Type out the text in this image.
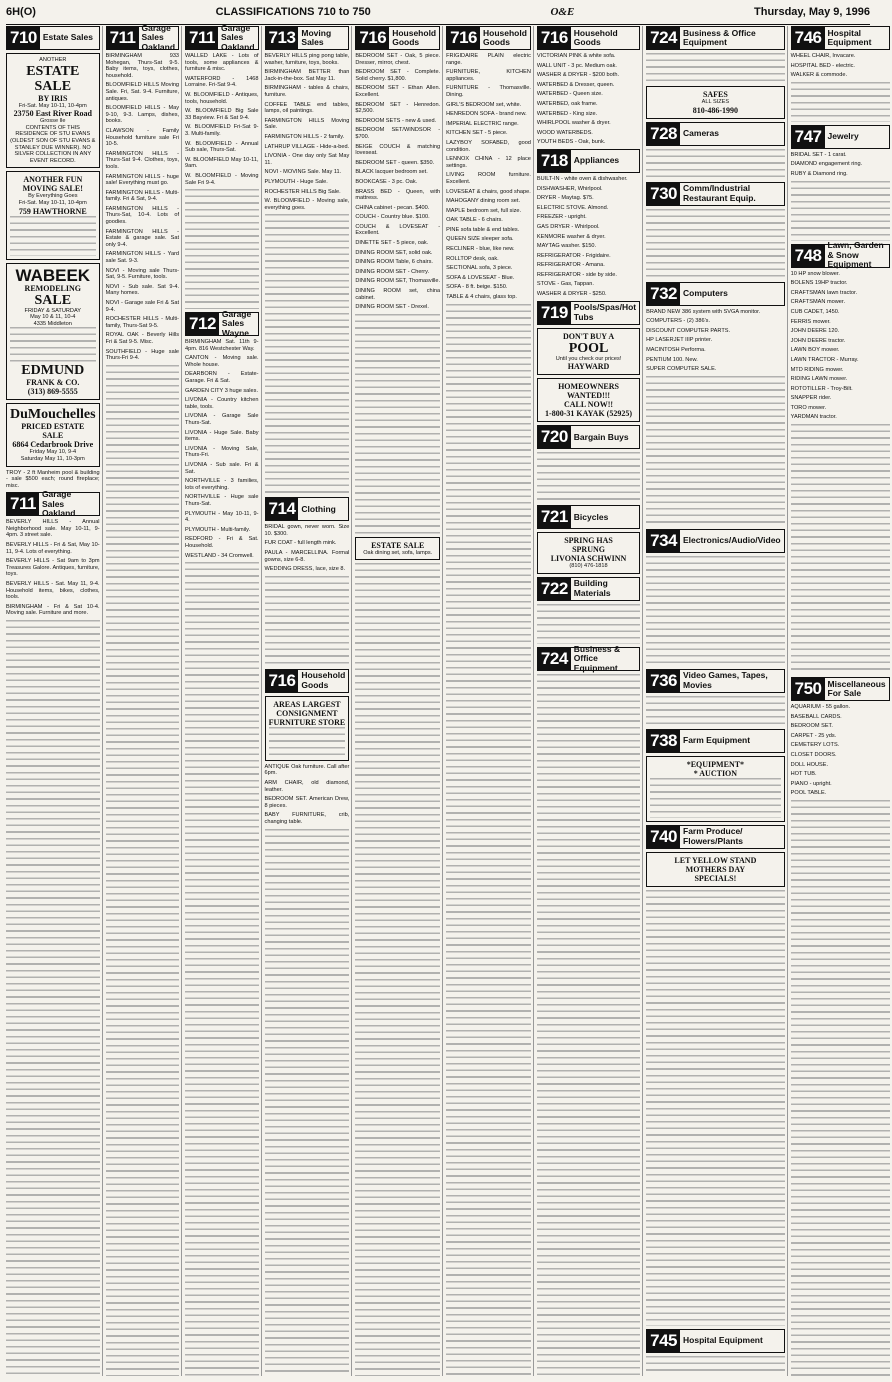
6H(O)	CLASSIFICATIONS 710 to 750	O&E	Thursday, May 9, 1996
710 Estate Sales
ANOTHER
ESTATE SALE
BY IRIS
Fri-Sat. May 10-11, 10-4pm
23750 East River Road
Grosse Ile
CONTENTS OF THIS RESIDENCE OF STU EVANS (OLDEST SON OF STU EVANS & STANLEY DUE WINNER). NO SILVER COLLECTION IN ANY EVENT RECORD.
ANOTHER FUN
MOVING SALE!
By Everything Goes
Fri-Sat. May 10-11, 10-4pm
759 HAWTHORNE
WABEEK
REMODELING
SALE
FRIDAY & SATURDAY
May 10 & 11, 10-4
4335 Middleton
EDMUND
FRANK & CO.
(313) 869-5555
DuMouchelles
PRICED ESTATE
SALE
6864 Cedarbrook Drive
Friday May 10, 9-4
Saturday May 11, 10-3pm
TROY - 2 ft Manheim pool & building - sale $500 each; round fireplace; misc.
711
Garage Sales Oakland
BEVERLY HILLS - Annual Neighborhood sale. May 10-11, 9-4pm. 3 street sale.
BEVERLY HILLS - Fri & Sat, May 10-11, 9-4. Lots of everything.
BEVERLY HILLS - Sat 9am to 3pm Treasures Galore. Antiques, furniture, toys.
BEVERLY HILLS - Sat. May 11, 9-4. Household items, bikes, clothes, tools.
BIRMINGHAM - Fri & Sat 10-4. Moving sale. Furniture and more.
711
Garage Sales Oakland
BIRMINGHAM 933 Mohegan, Thurs-Sat 9-5. Baby items, toys, clothes, household.
BLOOMFIELD HILLS Moving Sale. Fri, Sat. 9-4. Furniture, antiques.
BLOOMFIELD HILLS - May 9-10, 9-3. Lamps, dishes, books.
CLAWSON - Family Household furniture sale Fri 10-5.
FARMINGTON HILLS - Thurs-Sat 9-4. Clothes, toys, tools.
FARMINGTON HILLS - huge sale! Everything must go.
FARMINGTON HILLS - Multi-family. Fri & Sat, 9-4.
FARMINGTON HILLS - Thurs-Sat, 10-4. Lots of goodies.
FARMINGTON HILLS - Estate & garage sale. Sat only 9-4.
FARMINGTON HILLS - Yard sale Sat. 9-3.
NOVI - Moving sale Thurs-Sat, 9-5. Furniture, tools.
NOVI - Sub sale. Sat 9-4. Many homes.
NOVI - Garage sale Fri & Sat 9-4.
ROCHESTER HILLS - Multi-family, Thurs-Sat 9-5.
ROYAL OAK - Beverly Hills Fri & Sat 9-5. Misc.
SOUTHFIELD - Huge sale Thurs-Fri 9-4.
711
Garage Sales Oakland
WALLED LAKE - Lots of tools, some appliances & furniture & misc.
WATERFORD - 1468 Lorraine. Fri-Sat 9-4.
W. BLOOMFIELD - Antiques, tools, household.
W. BLOOMFIELD Big Sale 33 Bayview. Fri & Sat 9-4.
W. BLOOMFIELD Fri-Sat 9-3. Multi-family.
W. BLOOMFIELD - Annual Sub sale, Thurs-Sat.
W. BLOOMFIELD May 10-11, 9am.
W. BLOOMFIELD - Moving Sale Fri 9-4.
712
Garage Sales Wayne
BIRMINGHAM Sat. 11th 9-4pm. 816 Westchester Way.
CANTON - Moving sale. Whole house.
DEARBORN - Estate-Garage. Fri & Sat.
GARDEN CITY 3 huge sales.
LIVONIA - Country kitchen table, tools.
LIVONIA - Garage Sale Thurs-Sat.
LIVONIA - Huge Sale. Baby items.
LIVONIA - Moving Sale, Thurs-Fri.
LIVONIA - Sub sale. Fri & Sat.
NORTHVILLE - 3 families, lots of everything.
NORTHVILLE - Huge sale Thurs-Sat.
PLYMOUTH - May 10-11, 9-4.
PLYMOUTH - Multi-family.
REDFORD - Fri & Sat. Household.
WESTLAND - 34 Cromwell.
713 Moving Sales
BEVERLY HILLS ping pong table, washer, furniture, toys, books.
BIRMINGHAM BETTER than Jack-in-the-box. Sat May 11.
BIRMINGHAM - tables & chairs, furniture.
COFFEE TABLE end tables, lamps, oil paintings.
FARMINGTON HILLS Moving Sale.
FARMINGTON HILLS - 2 family.
LATHRUP VILLAGE - Hide-a-bed.
LIVONIA - One day only Sat May 11.
NOVI - MOVING Sale. May 11.
PLYMOUTH - Huge Sale.
ROCHESTER HILLS Big Sale.
W. BLOOMFIELD - Moving sale, everything goes.
714 Clothing
BRIDAL gown, never worn. Size 10. $300.
FUR COAT - full length mink.
PAULA - MARCELLINA. Formal gowns, size 6-8.
WEDDING DRESS, lace, size 8.
716 Household Goods
AREAS LARGEST
CONSIGNMENT
FURNITURE STORE
ANTIQUE Oak furniture. Call after 6pm.
ARM CHAIR, old diamond, leather.
BEDROOM SET. American Drew, 8 pieces.
BABY FURNITURE, crib, changing table.
716 Household Goods
BEDROOM SET - Oak, 5 piece. Dresser, mirror, chest.
BEDROOM SET - Complete. Solid cherry. $1,800.
BEDROOM SET - Ethan Allen. Excellent.
BEDROOM SET - Henredon. $2,500.
BEDROOM SETS - new & used.
BEDROOM SET/WINDSOR - $700.
BEIGE COUCH & matching loveseat.
BEDROOM SET - queen. $350.
BLACK lacquer bedroom set.
BOOKCASE - 3 pc. Oak.
BRASS BED - Queen, with mattress.
CHINA cabinet - pecan. $400.
COUCH - Country blue. $100.
COUCH & LOVESEAT - Excellent.
DINETTE SET - 5 piece, oak.
DINING ROOM SET, solid oak.
DINING ROOM Table, 6 chairs.
DINING ROOM SET - Cherry.
DINING ROOM SET, Thomasville.
DINING ROOM set, china cabinet.
DINING ROOM SET - Drexel.
ESTATE SALE
Oak dining set, sofa, lamps.
716 Household Goods
FRIGIDAIRE PLAIN electric range.
FURNITURE, KITCHEN appliances.
FURNITURE - Thomasville. Dining.
GIRL'S BEDROOM set, white.
HENREDON SOFA - brand new.
IMPERIAL ELECTRIC range.
KITCHEN SET - 5 piece.
LAZYBOY SOFABED, good condition.
LENNOX CHINA - 12 place settings.
LIVING ROOM furniture. Excellent.
LOVESEAT & chairs, good shape.
MAHOGANY dining room set.
MAPLE bedroom set, full size.
OAK TABLE - 6 chairs.
PINE sofa table & end tables.
QUEEN SIZE sleeper sofa.
RECLINER - blue, like new.
ROLLTOP desk, oak.
SECTIONAL sofa, 3 piece.
SOFA & LOVESEAT - Blue.
SOFA - 8 ft. beige. $150.
TABLE & 4 chairs, glass top.
716 Household Goods
VICTORIAN PINK & white sofa.
WALL UNIT - 3 pc. Medium oak.
WASHER & DRYER - $200 both.
WATERBED & Dresser, queen.
WATERBED - Queen size.
WATERBED, oak frame.
WATERBED - King size.
WHIRLPOOL washer & dryer.
WOOD WATERBEDS.
YOUTH BEDS - Oak, bunk.
718 Appliances
BUILT-IN - white oven & dishwasher.
DISHWASHER, Whirlpool.
DRYER - Maytag. $75.
ELECTRIC STOVE. Almond.
FREEZER - upright.
GAS DRYER - Whirlpool.
KENMORE washer & dryer.
MAYTAG washer. $150.
REFRIGERATOR - Frigidaire.
REFRIGERATOR - Amana.
REFRIGERATOR - side by side.
STOVE - Gas, Tappan.
WASHER & DRYER - $250.
719 Pools/Spas/Hot Tubs
DON'T BUY A
POOL
Until you check our prices!
HAYWARD
HOMEOWNERS
WANTED!!!
CALL NOW!!
1-800-31 KAYAK (52925)
720 Bargain Buys
721 Bicycles
SPRING HAS
SPRUNG
LIVONIA SCHWINN
(810) 476-1818
722 Building Materials
724
Business & Office Equipment
724 Business & Office Equipment
SAFES
ALL SIZES
810-486-1990
728 Cameras
730 Comm/Industrial Restaurant Equip.
732 Computers
BRAND NEW 386 system with SVGA monitor.
COMPUTERS - (2) 386's.
DISCOUNT COMPUTER PARTS.
HP LASERJET IIIP printer.
MACINTOSH Performa.
PENTIUM 100. New.
SUPER COMPUTER SALE.
734 Electronics/Audio/Video
736 Video Games, Tapes, Movies
738 Farm Equipment
*EQUIPMENT*
* AUCTION
740 Farm Produce/ Flowers/Plants
LET YELLOW STAND
MOTHERS DAY
SPECIALS!
745 Hospital Equipment
746 Hospital Equipment
WHEEL CHAIR, Invacare.
HOSPITAL BED - electric.
WALKER & commode.
747 Jewelry
BRIDAL SET - 1 carat.
DIAMOND engagement ring.
RUBY & Diamond ring.
748
Lawn, Garden & Snow Equipment
10 HP snow blower.
BOLENS 19HP tractor.
CRAFTSMAN lawn tractor.
CRAFTSMAN mower.
CUB CADET, 1450.
FERRIS mower.
JOHN DEERE 120.
JOHN DEERE tractor.
LAWN BOY mower.
LAWN TRACTOR - Murray.
MTD RIDING mower.
RIDING LAWN mower.
ROTOTILLER - Troy-Bilt.
SNAPPER rider.
TORO mower.
YARDMAN tractor.
750 Miscellaneous For Sale
AQUARIUM - 55 gallon.
BASEBALL CARDS.
BEDROOM SET.
CARPET - 25 yds.
CEMETERY LOTS.
CLOSET DOORS.
DOLL HOUSE.
HOT TUB.
PIANO - upright.
POOL TABLE.
